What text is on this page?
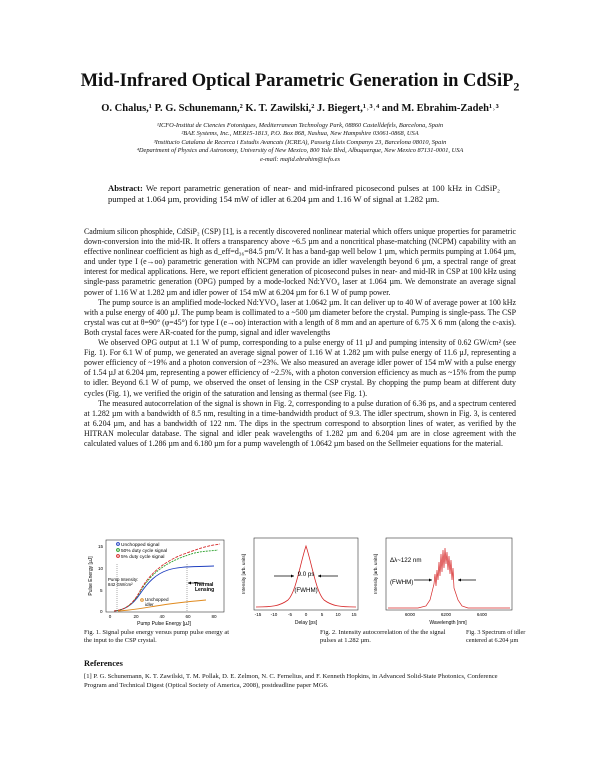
Mid-Infrared Optical Parametric Generation in CdSiP$_2$
O. Chalus,¹ P. G. Schunemann,² K. T. Zawilski,² J. Biegert,¹˒³˒⁴ and M. Ebrahim-Zadeh¹˒³
¹ICFO-Institut de Ciencies Fotoniques, Mediterranean Technology Park, 08860 Castelldefels, Barcelona, Spain
²BAE Systems, Inc., MER15-1813, P.O. Box 868, Nashua, New Hampshire 03061-0868, USA
³Institucio Catalana de Recerca i Estudis Avancats (ICREA), Passeig Lluis Companys 23, Barcelona 08010, Spain
⁴Department of Physics and Astronomy, University of New Mexico, 800 Yale Blvd, Albuquerque, New Mexico 87131-0001, USA
e-mail: majid.ebrahim@icfo.es
Abstract: We report parametric generation of near- and mid-infrared picosecond pulses at 100 kHz in CdSiP₂ pumped at 1.064 µm, providing 154 mW of idler at 6.204 µm and 1.16 W of signal at 1.282 µm.

Cadmium silicon phosphide, CdSiP₂ (CSP) [1], is a recently discovered nonlinear material which offers unique properties for parametric down-conversion into the mid-IR. It offers a transparency above ~6.5 µm and a noncritical phase-matching (NCPM) capability with an effective nonlinear coefficient as high as d_eff=d₃₆=84.5 pm/V. It has a band-gap well below 1 µm, which permits pumping at 1.064 µm, and under type I (e→oo) parametric generation with NCPM can provide an idler wavelength beyond 6 µm, a spectral range of great interest for medical applications. Here, we report efficient generation of picosecond pulses in near- and mid-IR in CSP at 100 kHz using single-pass parametric generation (OPG) pumped by a mode-locked Nd:YVO₄ laser at 1.064 µm. We demonstrate an average signal power of 1.16 W at 1.282 µm and idler power of 154 mW at 6.204 µm for 6.1 W of pump power.

The pump source is an amplified mode-locked Nd:YVO₄ laser at 1.0642 µm. It can deliver up to 40 W of average power at 100 kHz with a pulse energy of 400 µJ. The pump beam is collimated to a ~500 µm diameter before the crystal. Pumping is single-pass. The CSP crystal was cut at θ=90° (φ=45°) for type I (e→oo) interaction with a length of 8 mm and an aperture of 6.75 X 6 mm (along the c-axis). Both crystal faces were AR-coated for the pump, signal and idler wavelengths

We observed OPG output at 1.1 W of pump, corresponding to a pulse energy of 11 µJ and pumping intensity of 0.62 GW/cm² (see Fig. 1). For 6.1 W of pump, we generated an average signal power of 1.16 W at 1.282 µm with pulse energy of 11.6 µJ, representing a power efficiency of ~19% and a photon conversion of ~23%. We also measured an average idler power of 154 mW with a pulse energy of 1.54 µJ at 6.204 µm, representing a power efficiency of ~2.5%, with a photon conversion efficiency as much as ~15% from the pump to idler. Beyond 6.1 W of pump, we observed the onset of lensing in the CSP crystal. By chopping the pump beam at different duty cycles (Fig. 1), we verified the origin of the saturation and lensing as thermal (see Fig. 1).

The measured autocorrelation of the signal is shown in Fig. 2, corresponding to a pulse duration of 6.36 ps, and a spectrum centered at 1.282 µm with a bandwidth of 8.5 nm, resulting in a time-bandwidth product of 9.3. The idler spectrum, shown in Fig. 3, is centered at 6.204 µm, and has a bandwidth of 122 nm. The dips in the spectrum correspond to absorption lines of water, as verified by the HITRAN molecular database. The signal and idler peak wavelengths of 1.282 µm and 6.204 µm are in close agreement with the calculated values of 1.286 µm and 6.180 µm for a pump wavelength of 1.0642 µm based on the Sellmeier equations for the material.

Unchopped signal
50% duty cycle signal
5% duty cycle signal
Pump Intensity:
842 GW/cm²
Unchopped
idler
Thermal
Lensing
0
5
10
15
0	20	40	60	80
Pump Pulse Energy [µJ]
Pulse Energy [µJ]
Fig. 1. Signal pulse energy versus pump pulse energy at the input to the CSP crystal.
9.0 ps
(FWHM)
-15 -10 -5	0	5	10 15
Delay [ps]
Intensity [arb. units]
Fig. 2. Intensity autocorrelation of the the signal pulses at 1.282 µm.
Δλ~122 nm
(FWHM)
6000	6200	6400
Wavelength [nm]
Intensity [arb. units]
Fig. 3 Spectrum of idler centered at 6.204 µm
References
[1] P. G. Schunemann, K. T. Zawilski, T. M. Pollak, D. E. Zelmon, N. C. Fernelius, and F. Kenneth Hopkins, in Advanced Solid-State Photonics, Conference Program and Technical Digest (Optical Society of America, 2008), postdeadline paper MG6.
